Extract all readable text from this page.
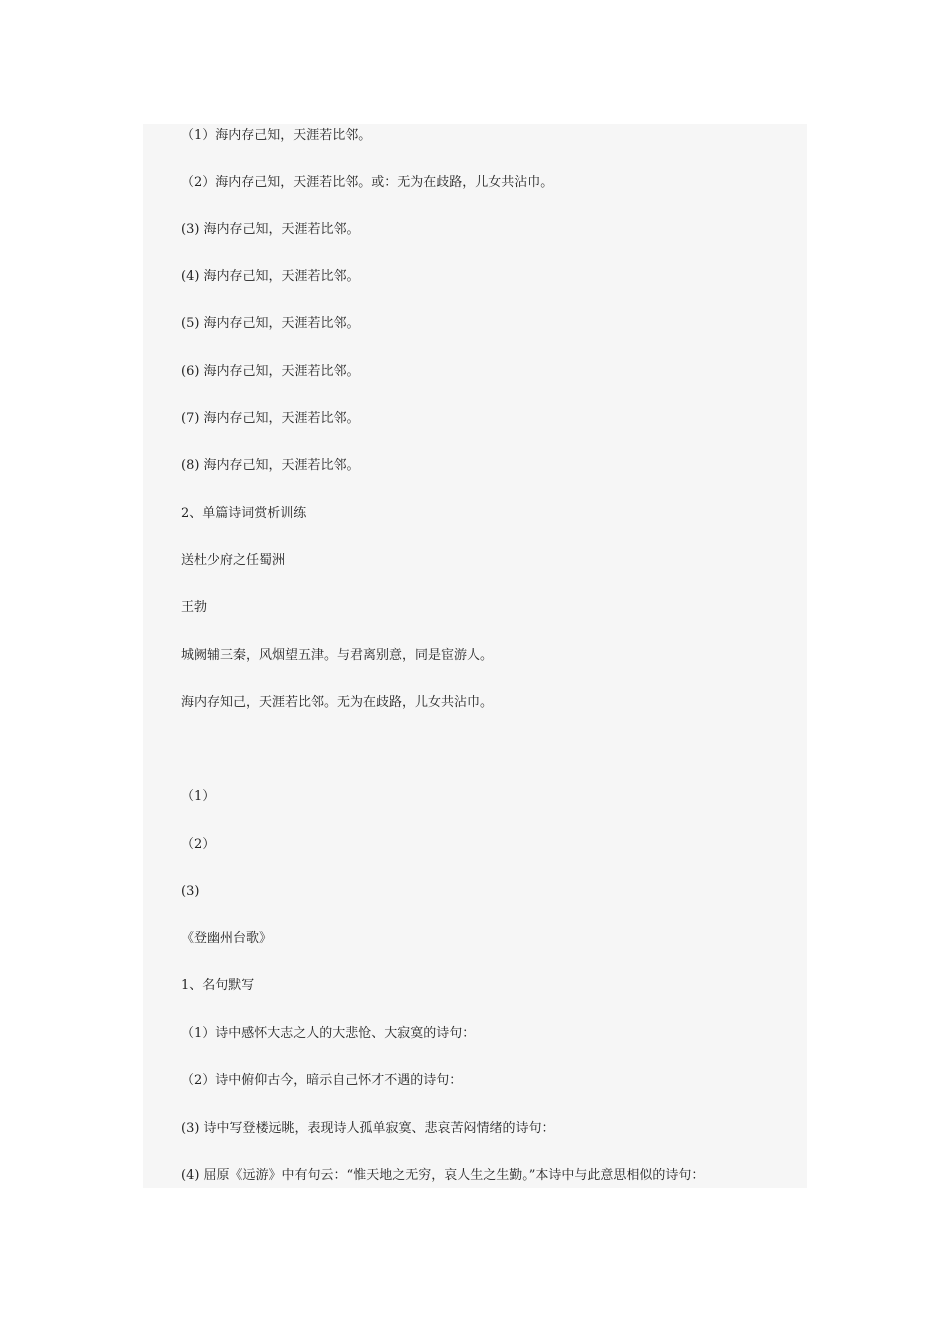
（1）海内存己知，天涯若比邻。
（2）海内存己知，天涯若比邻。或：无为在歧路，儿女共沾巾。
(3) 海内存己知，天涯若比邻。
(4) 海内存己知，天涯若比邻。
(5) 海内存己知，天涯若比邻。
(6) 海内存己知，天涯若比邻。
(7) 海内存己知，天涯若比邻。
(8) 海内存己知，天涯若比邻。
2、单篇诗词赏析训练
送杜少府之任蜀洲
王勃
城阙辅三秦，风烟望五津。与君离别意，同是宦游人。
海内存知己，天涯若比邻。无为在歧路，儿女共沾巾。
（1）
（2）
(3)
《登幽州台歌》
1、名句默写
（1）诗中感怀大志之人的大悲怆、大寂寞的诗句：
（2）诗中俯仰古今，暗示自己怀才不遇的诗句：
(3) 诗中写登楼远眺，表现诗人孤单寂寞、悲哀苦闷情绪的诗句：
(4) 屈原《远游》中有句云：“惟天地之无穷，哀人生之生勤。”本诗中与此意思相似的诗句：
